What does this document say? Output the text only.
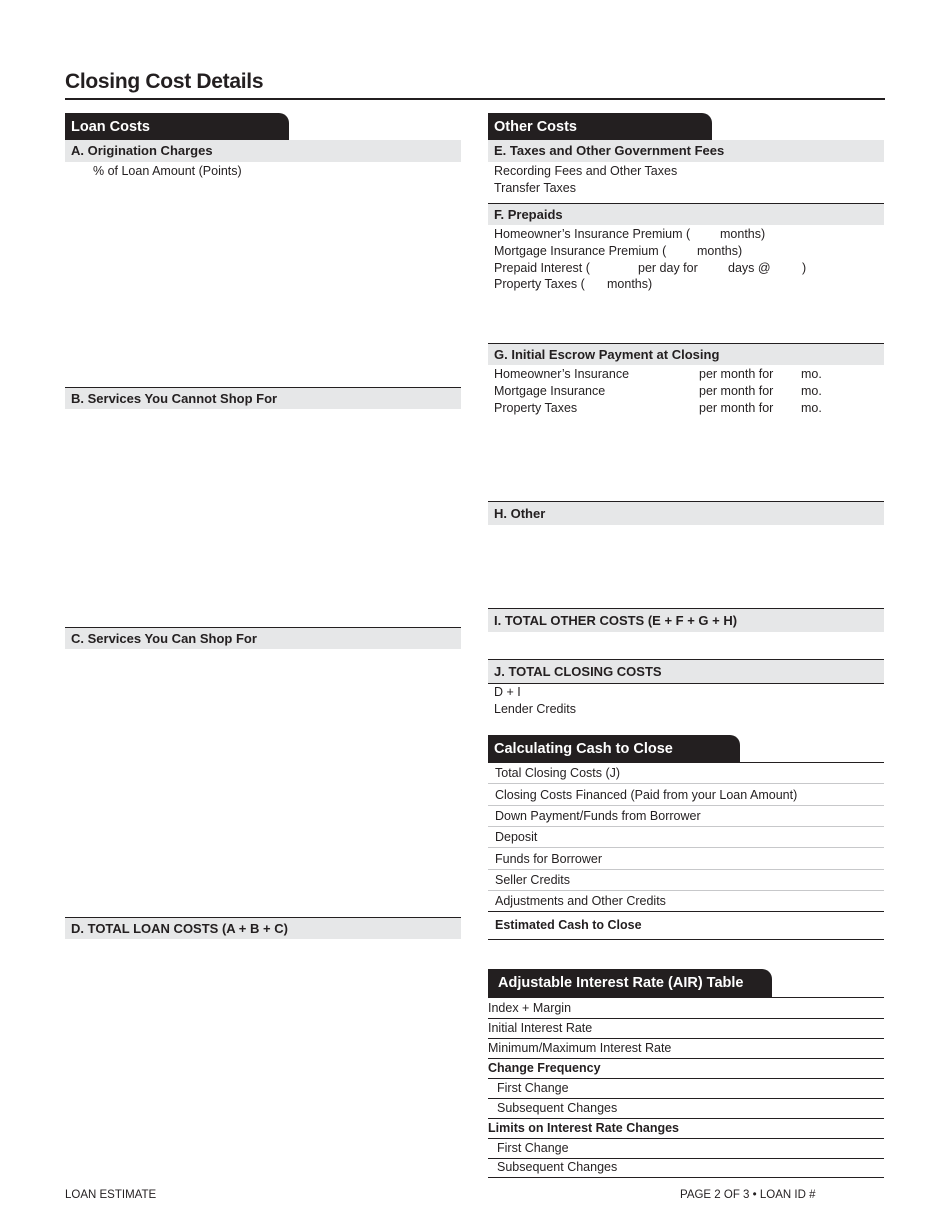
Closing Cost Details
Loan Costs
A. Origination Charges
% of Loan Amount (Points)
B. Services You Cannot Shop For
C. Services You Can Shop For
D. TOTAL LOAN COSTS (A + B + C)
Other Costs
E. Taxes and Other Government Fees
Recording Fees and Other Taxes
Transfer Taxes
F. Prepaids
Homeowner’s Insurance Premium ( months)
Mortgage Insurance Premium ( months)
Prepaid Interest (	per day for days @	)
Property Taxes ( months)
G. Initial Escrow Payment at Closing
Homeowner’s Insurance	per month for mo.
Mortgage Insurance	per month for mo.
Property Taxes	per month for mo.
H. Other
I. TOTAL OTHER COSTS (E + F + G + H)
J. TOTAL CLOSING COSTS
D + I
Lender Credits
Calculating Cash to Close
Total Closing Costs (J)
Closing Costs Financed (Paid from your Loan Amount)
Down Payment/Funds from Borrower
Deposit
Funds for Borrower
Seller Credits
Adjustments and Other Credits
Estimated Cash to Close
Adjustable Interest Rate (AIR) Table
Index + Margin
Initial Interest Rate
Minimum/Maximum Interest Rate
Change Frequency
First Change
Subsequent Changes
Limits on Interest Rate Changes
First Change
Subsequent Changes
LOAN ESTIMATE	PAGE 2 OF 3 • LOAN ID #
